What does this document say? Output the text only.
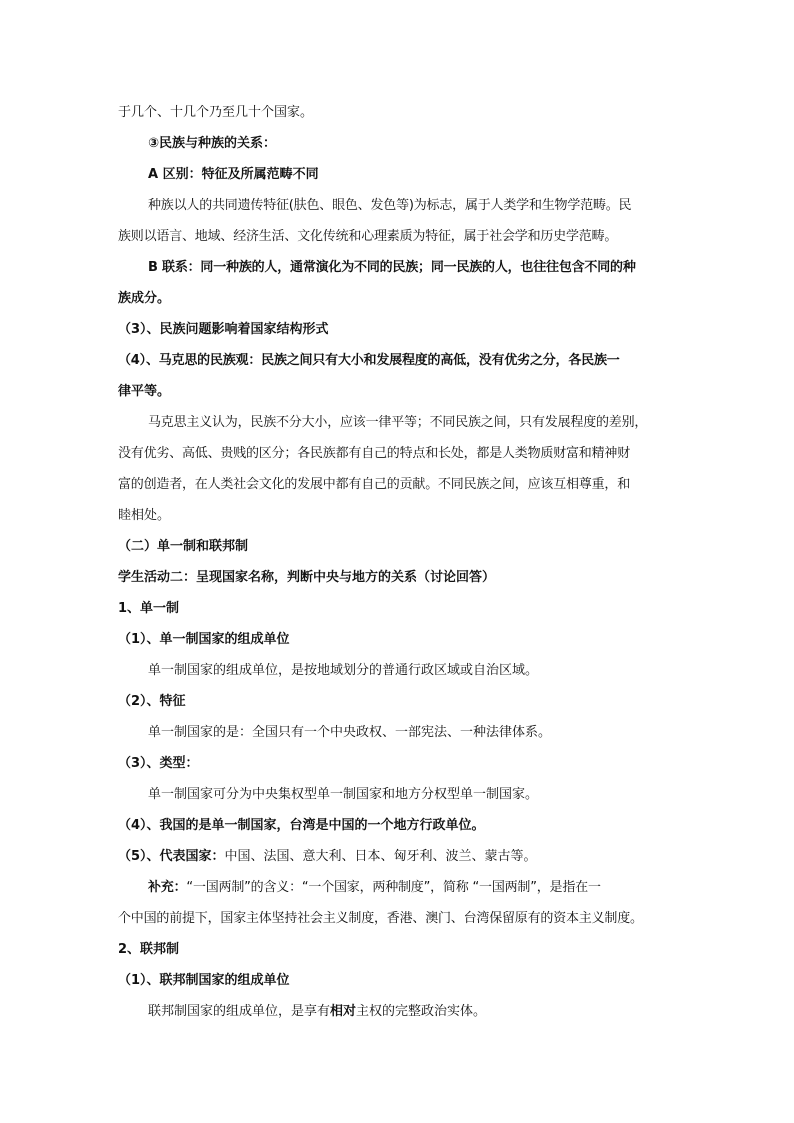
于几个、十几个乃至几十个国家。

③民族与种族的关系：

A 区别：特征及所属范畴不同

种族以人的共同遗传特征(肤色、眼色、发色等)为标志，属于人类学和生物学范畴。民

族则以语言、地域、经济生活、文化传统和心理素质为特征，属于社会学和历史学范畴。

B 联系：同一种族的人，通常演化为不同的民族；同一民族的人，也往往包含不同的种

族成分。

（3）、民族问题影响着国家结构形式

（4）、马克思的民族观：民族之间只有大小和发展程度的高低，没有优劣之分，各民族一

律平等。

马克思主义认为，民族不分大小，应该一律平等；不同民族之间，只有发展程度的差别，

没有优劣、高低、贵贱的区分；各民族都有自己的特点和长处，都是人类物质财富和精神财

富的创造者，在人类社会文化的发展中都有自己的贡献。不同民族之间，应该互相尊重，和

睦相处。

（二）单一制和联邦制

学生活动二：呈现国家名称，判断中央与地方的关系（讨论回答）

1、单一制

（1）、单一制国家的组成单位

单一制国家的组成单位，是按地域划分的普通行政区域或自治区域。

（2）、特征

单一制国家的是：全国只有一个中央政权、一部宪法、一种法律体系。

（3）、类型：

单一制国家可分为中央集权型单一制国家和地方分权型单一制国家。

（4）、我国的是单一制国家，台湾是中国的一个地方行政单位。

（5）、代表国家：中国、法国、意大利、日本、匈牙利、波兰、蒙古等。

补充：“一国两制”的含义：“一个国家，两种制度”，简称 “一国两制”，是指在一

个中国的前提下，国家主体坚持社会主义制度，香港、澳门、台湾保留原有的资本主义制度。

2、联邦制

（1）、联邦制国家的组成单位

联邦制国家的组成单位，是享有相对主权的完整政治实体。
